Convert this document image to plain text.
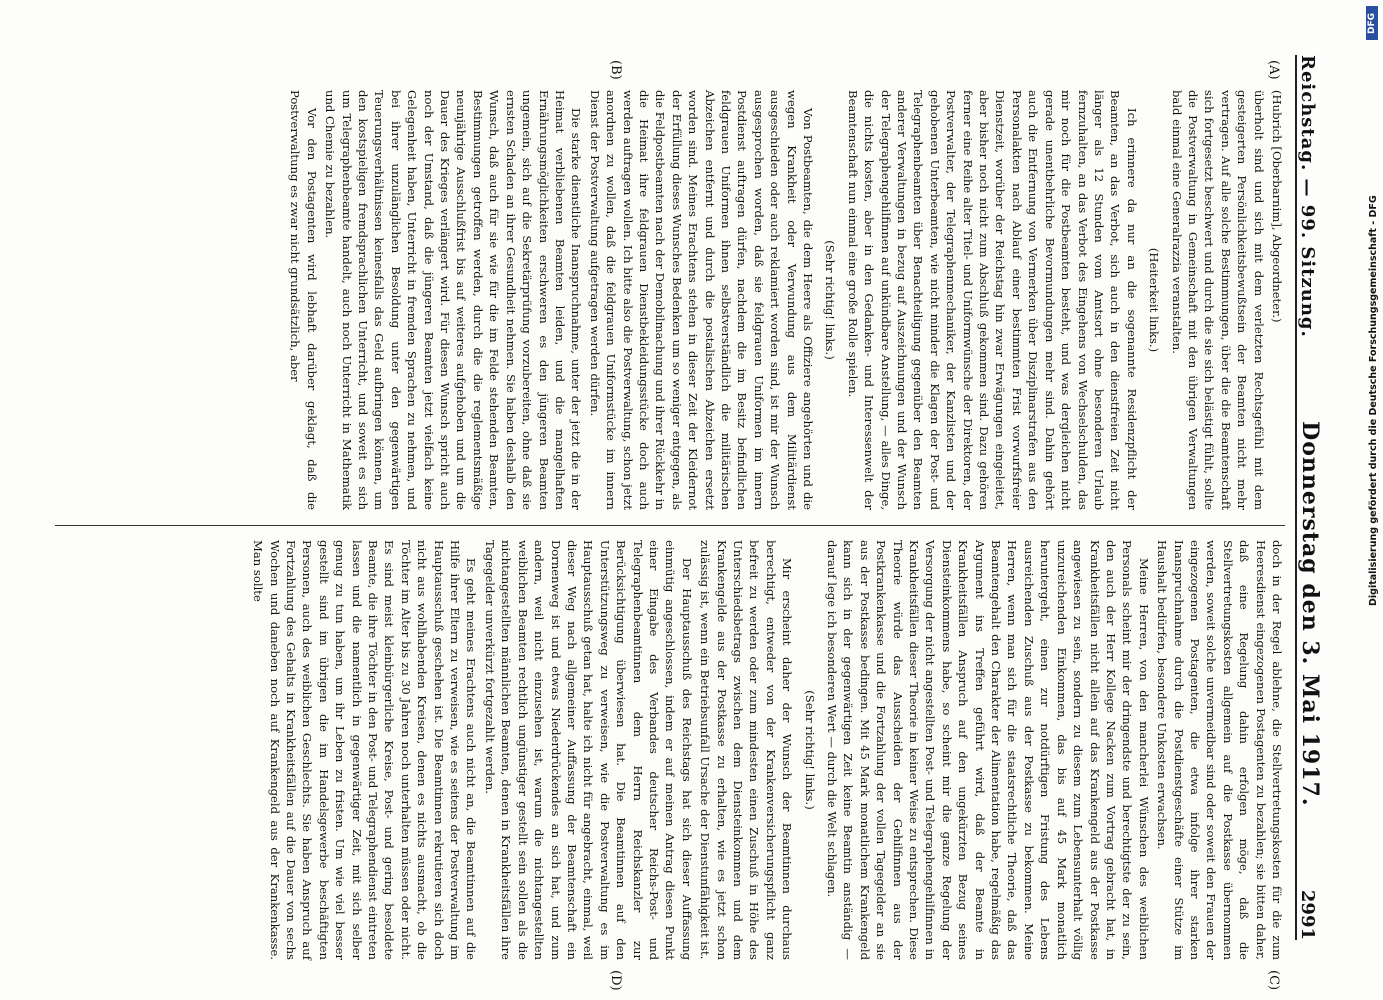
Reichstag. — 99. Sitzung.
Donnerstag den 3. Mai 1917.
2991
(A)
(B)
(C)
(D)

(Hubrich [Oberbarnim], Abgeordneter.)

überholt sind und sich mit dem verletzten Rechtsgefühl mit dem gesteigerten Persönlichkeitsbewußtsein der Beamten nicht mehr vertragen. Auf alle solche Bestimmungen, über die die Beamtenschaft sich fortgesetzt beschwert und durch die sie sich belästigt fühlt, sollte die Postverwaltung in Gemeinschaft mit den übrigen Verwaltungen bald einmal eine Generalrazzia veranstalten.

(Heiterkeit links.)

Ich erinnere da nur an die sogenannte Residenzpflicht der Beamten, an das Verbot, sich auch in den dienstfreien Zeit nicht länger als 12 Stunden vom Amtsort ohne besonderen Urlaub fernzuhalten, an das Verbot des Eingehens von Wechselschulden, das mir noch für die Postbeamten besteht, und was dergleichen nicht gerade unentbehrliche Bevormundungen mehr sind. Dahin gehört auch die Entfernung von Vermerken über Disziplinarstrafen aus den Personalakten nach Ablauf einer bestimmten Frist vorwurfsfreier Dienstzeit, worüber der Reichstag hin zwar Erwägungen eingeleitet, aber bisher noch nicht zum Abschluß gekommen sind. Dazu gehören ferner eine Reihe alter Titel- und Uniformwünsche der Direktoren, der Postverwalter, der Telegraphenmechaniker, der Kanzlisten und der gehobenen Unterbeamten, wie nicht minder die Klagen der Post- und Telegraphenbeamten über Benachteiligung gegenüber den Beamten anderer Verwaltungen in bezug auf Auszeichnungen und der Wunsch der Telegraphengehilfinnen auf unkündbare Anstellung, — alles Dinge, die nichts kosten, aber in den Gedanken- und Interessenwelt der Beamtenschaft nun einmal eine große Rolle spielen.

(Sehr richtig! links.)

Von Postbeamten, die dem Heere als Offiziere angehörten und die wegen Krankheit oder Verwundung aus dem Militärdienst ausgeschieden oder auch reklamiert worden sind, ist mir der Wunsch ausgesprochen worden, daß sie feldgrauen Uniformen im innern Postdienst auftragen dürfen, nachdem die im Besitz befindlichen feldgrauen Uniformen ihnen selbstverständlich die militärischen Abzeichen entfernt und durch die postalischen Abzeichen ersetzt worden sind. Meines Erachtens stehen in dieser Zeit der Kleidernot der Erfüllung dieses Wunsches Bedenken um so weniger entgegen, als die Feldpostbeamten nach der Demobilmachung und ihrer Rückkehr in die Heimat ihre feldgrauen Dienstbekleidungsstücke doch auch werden auftragen wollen. Ich bitte also die Postverwaltung, schon jetzt anordnen zu wollen, daß die feldgrauen Uniformstücke im innern Dienst der Postverwaltung aufgetragen werden dürfen.

Die starke dienstliche Inanspruchnahme, unter der jetzt die in der Heimat verbliebenen Beamten leiden, und die mangelhaften Ernährungsmöglichkeiten erschweren es den jüngeren Beamten ungemein, sich auf die Sekretärprüfung vorzubereiten, ohne daß sie ernsten Schaden an ihrer Gesundheit nehmen. Sie haben deshalb den Wunsch, daß auch für sie wie für die im Felde stehenden Beamten, Bestimmungen getroffen werden, durch die die reglementsmäßige neunjährige Ausschlußfrist bis auf weiteres aufgehoben und um die Dauer des Krieges verlängert wird. Für diesen Wunsch spricht auch noch der Umstand, daß die jüngeren Beamten jetzt vielfach keine Gelegenheit haben, Unterricht in fremden Sprachen zu nehmen, und bei ihrer unzulänglichen Besoldung unter den gegenwärtigen Teuerungsverhältnissen keinesfalls das Geld aufbringen können, um den kostspieligen fremdsprachlichen Unterricht, und soweit es sich um Telegraphenbeamte handelt, auch noch Unterricht in Mathematik und Chemie zu bezahlen.

Vor den Postagenten wird lebhaft darüber geklagt, daß die Postverwaltung es zwar nicht grundsätzlich, aber

doch in der Regel ablehne, die Stellvertretungskosten für die zum Heeresdienst eingezogenen Postagenten zu bezahlen; sie bitten daher, daß eine Regelung dahin erfolgen möge, daß die Stellvertretungskosten allgemein auf die Postkasse übernommen werden, soweit solche unvermeidbar sind oder soweit den Frauen der eingezogenen Postagenten, die etwa infolge ihrer starken Inanspruchnahme durch die Postdienstgeschäfte einer Stütze im Haushalt bedürfen, besondere Unkosten erwachsen.

Meine Herren, von den mancherlei Wünschen des weiblichen Personals scheint mir der dringendste und berechtigtste der zu sein, den auch der Herr Kollege Nacken zum Vortrag gebracht hat, in Krankheitsfällen nicht allein auf das Krankengeld aus der Postkasse angewiesen zu sein, sondern zu diesem zum Lebensunterhalt völlig unzureichenden Einkommen, das bis auf 45 Mark monatlich heruntergeht, einen zur notdürftigen Fristung des Lebens ausreichenden Zuschuß aus der Postkasse zu bekommen. Meine Herren, wenn man sich für die staatsrechtliche Theorie, daß das Beamtengehalt den Charakter der Alimentation habe, regelmäßig das Argument ins Treffen geführt wird, daß der Beamte in Krankheitsfällen Anspruch auf den ungekürzten Bezug seines Diensteinkommens habe, so scheint mir die ganze Regelung der Versorgung der nicht angestellten Post- und Telegraphengehilfinnen in Krankheitsfällen dieser Theorie in keiner Weise zu entsprechen. Diese Theorie würde das Ausscheiden der Gehilfinnen aus der Postkrankenkasse und die Fortzahlung der vollen Tagegelder an sie aus der Postkasse bedingen. Mit 45 Mark monatlichem Krankengeld kann sich in der gegenwärtigen Zeit keine Beamtin anständig — darauf lege ich besonderen Wert — durch die Welt schlagen.

(Sehr richtig! links.)

Mir erscheint daher der Wunsch der Beamtinnen durchaus berechtigt, entweder von der Krankenversicherungspflicht ganz befreit zu werden oder zum mindesten einen Zuschuß in Höhe des Unterschiedsbetrags zwischen dem Diensteinkommen und dem Krankengelde aus der Postkasse zu erhalten, wie es jetzt schon zulässig ist, wenn ein Betriebsunfall Ursache der Dienstunfähigkeit ist.

Der Hauptausschuß des Reichstags hat sich dieser Auffassung einmütig angeschlossen, indem er auf meinen Antrag diesen Punkt einer Eingabe des Verbandes deutscher Reichs-Post- und Telegraphenbeamtinnen dem Herrn Reichskanzler zur Berücksichtigung überwiesen hat. Die Beamtinnen auf den Unterstützungsweg zu verweisen, wie die Postverwaltung es im Hauptausschuß getan hat, halte ich nicht für angebracht, einmal, weil dieser Weg nach allgemeiner Auffassung der Beamtenschaft ein Dornenweg ist und etwas Niederdrückendes an sich hat, und zum andern, weil nicht einzusehen ist, warum die nichtangestellten weiblichen Beamten rechtlich ungünstiger gestellt sein sollen als die nichtangestellten männlichen Beamten, denen in Krankheitsfällen ihre Tagegelder unverkürzt fortgezahlt werden.

Es geht meines Erachtens auch nicht an, die Beamtinnen auf die Hilfe ihrer Eltern zu verweisen, wie es seitens der Postverwaltung im Hauptausschuß geschehen ist. Die Beamtinnen rekrutieren sich doch nicht aus wohlhabenden Kreisen, denen es nichts ausmacht, ob die Töchter im Alter bis zu 30 Jahren noch unterhalten müssen oder nicht. Es sind meist kleinbürgerliche Kreise, Post- und gering besoldete Beamte, die ihre Töchter in den Post- und Telegraphendienst eintreten lassen und die namentlich in gegenwärtiger Zeit, mit sich selber genug zu tun haben, um ihr Leben zu fristen. Um wie viel besser gestellt sind im übrigen die im Handelsgewerbe beschäftigten Personen, auch des weiblichen Geschlechts. Sie haben Anspruch auf Fortzahlung des Gehalts in Krankheitsfällen auf die Dauer von sechs Wochen und daneben noch auf Krankengeld aus der Krankenkasse. Man sollte

DFG
Digitalisierung gefördert durch die Deutsche Forschungsgemeinschaft - DFG
